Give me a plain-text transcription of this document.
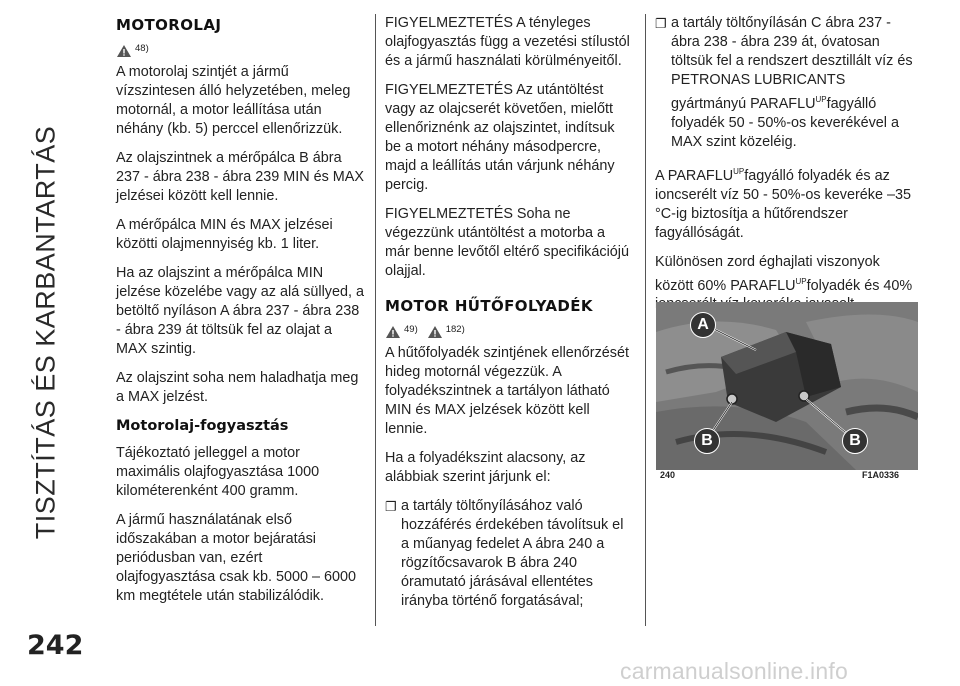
TISZTÍTÁS ÉS KARBANTARTÁS
242
MOTOROLAJ
48)

A motorolaj szintjét a jármű vízszintesen álló helyzetében, meleg motornál, a motor leállítása után néhány (kb. 5) perccel ellenőrizzük.

Az olajszintnek a mérőpálca B ábra 237 - ábra 238 - ábra 239 MIN és MAX jelzései között kell lennie.

A mérőpálca MIN és MAX jelzései közötti olajmennyiség kb. 1 liter.

Ha az olajszint a mérőpálca MIN jelzése közelébe vagy az alá süllyed, a betöltő nyíláson A ábra 237 - ábra 238 - ábra 239 át töltsük fel az olajat a MAX szintig.

Az olajszint soha nem haladhatja meg a MAX jelzést.

Motorolaj-fogyasztás

Tájékoztató jelleggel a motor maximális olajfogyasztása 1000 kilométerenként 400 gramm.

A jármű használatának első időszakában a motor bejáratási periódusban van, ezért olajfogyasztása csak kb. 5000 – 6000 km megtétele után stabilizálódik.

FIGYELMEZTETÉS A tényleges olajfogyasztás függ a vezetési stílustól és a jármű használati körülményeitől.

FIGYELMEZTETÉS Az utántöltést vagy az olajcserét követően, mielőtt ellenőriznénk az olajszintet, indítsuk be a motort néhány másodpercre, majd a leállítás után várjunk néhány percig.

FIGYELMEZTETÉS Soha ne végezzünk utántöltést a motorba a már benne levőtől eltérő specifikációjú olajjal.

MOTOR HŰTŐFOLYADÉK
49)	182)

A hűtőfolyadék szintjének ellenőrzését hideg motornál végezzük. A folyadékszintnek a tartályon látható MIN és MAX jelzések között kell lennie.

Ha a folyadékszint alacsony, az alábbiak szerint járjunk el:

❐ a tartály töltőnyílásához való hozzáférés érdekében távolítsuk el a műanyag fedelet A ábra 240 a rögzítőcsavarok B ábra 240 óramutató járásával ellentétes irányba történő forgatásával;
❐ a tartály töltőnyílásán C ábra 237 - ábra 238 - ábra 239 át, óvatosan töltsük fel a rendszert desztillált víz és PETRONAS LUBRICANTS gyártmányú $PARAFLU^{UP}fagyálló$ folyadék 50 - 50%-os keverékével a MAX szint közeléig.

A $PARAFLU^{UP}fagyálló$ folyadék és az ioncserélt víz 50 - 50%-os keveréke –35 °C-ig biztosítja a hűtőrendszer fagyállóságát.

Különösen zord éghajlati viszonyok között 60% $PARAFLU^{UP}folyadék$ és 40%

A
B	B
240	F1A0336
carmanualsonline.info
